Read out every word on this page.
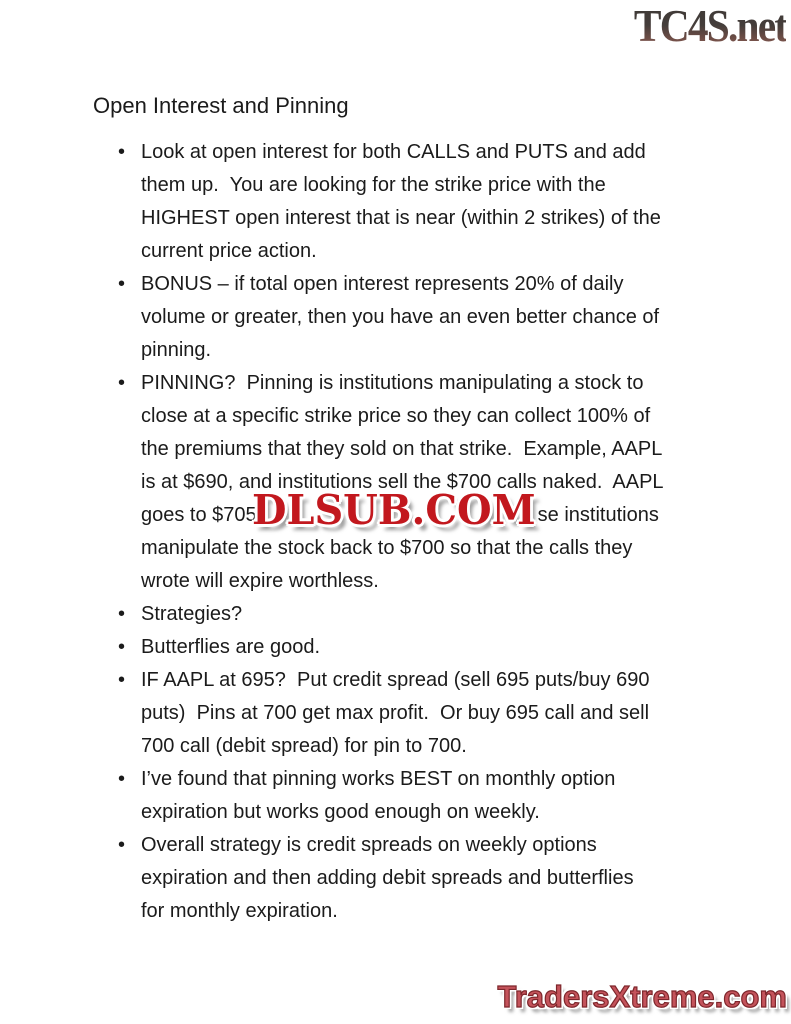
TC4S.net
Open Interest and Pinning
• Look at open interest for both CALLS and PUTS and add
them up.  You are looking for the strike price with the
HIGHEST open interest that is near (within 2 strikes) of the
current price action.
• BONUS – if total open interest represents 20% of daily
volume or greater, then you have an even better chance of
pinning.
• PINNING?  Pinning is institutions manipulating a stock to
close at a specific strike price so they can collect 100% of
the premiums that they sold on that strike.  Example, AAPL
is at $690, and institutions sell the $700 calls naked.  AAPL
goes to $705	se institutions
manipulate the stock back to $700 so that the calls they
wrote will expire worthless.
• Strategies?
• Butterflies are good.
• IF AAPL at 695?  Put credit spread (sell 695 puts/buy 690
puts)  Pins at 700 get max profit.  Or buy 695 call and sell
700 call (debit spread) for pin to 700.
• I’ve found that pinning works BEST on monthly option
expiration but works good enough on weekly.
• Overall strategy is credit spreads on weekly options
expiration and then adding debit spreads and butterflies
for monthly expiration.
DLSUB.COM
TradersXtreme.com
